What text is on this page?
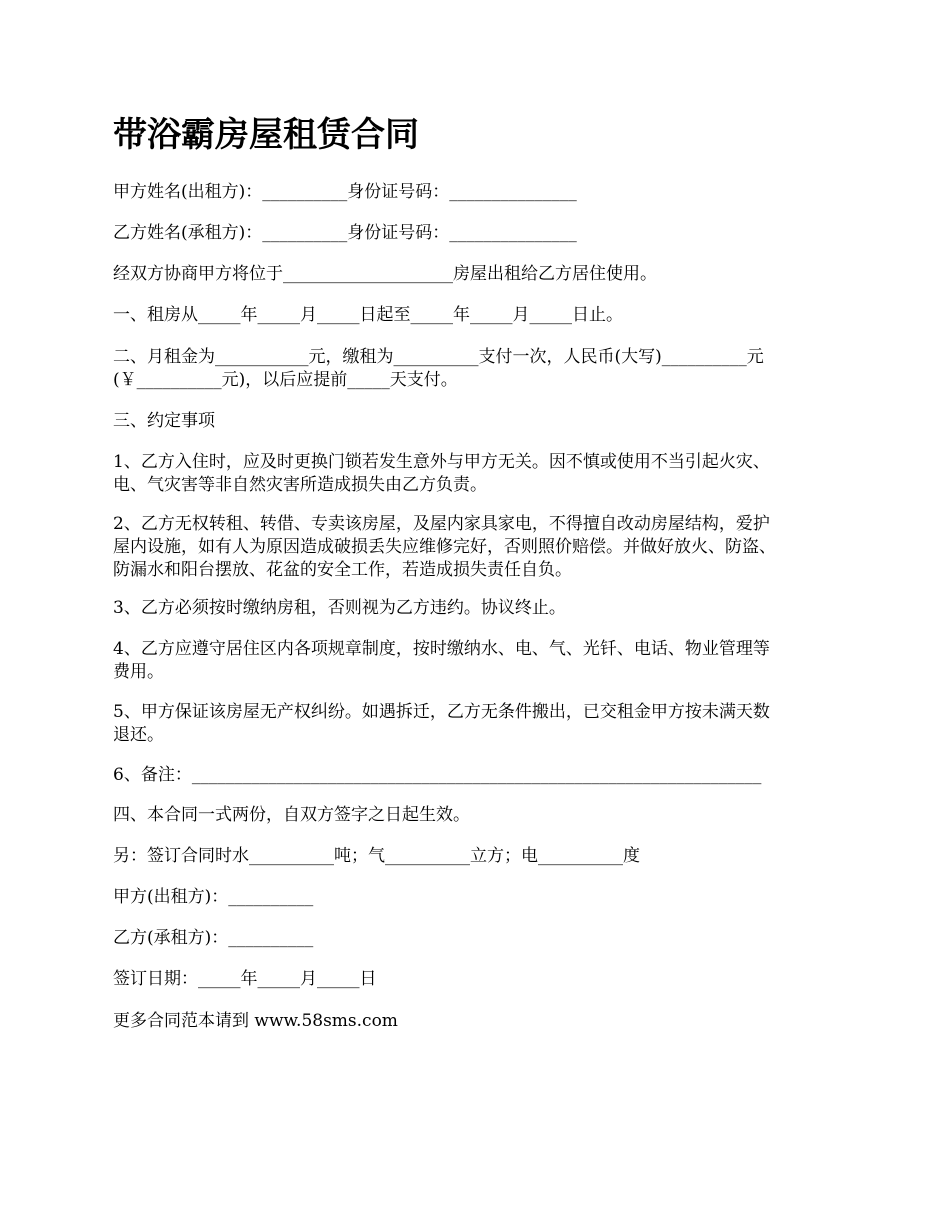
带浴霸房屋租赁合同

甲方姓名(出租方)：__________身份证号码：_______________

乙方姓名(承租方)：__________身份证号码：_______________

经双方协商甲方将位于____________________房屋出租给乙方居住使用。

一、租房从_____年_____月_____日起至_____年_____月_____日止。

二、月租金为___________元，缴租为__________支付一次，人民币(大写)__________元

(￥__________元)，以后应提前_____天支付。

三、约定事项

1、乙方入住时，应及时更换门锁若发生意外与甲方无关。因不慎或使用不当引起火灾、

电、气灾害等非自然灾害所造成损失由乙方负责。

2、乙方无权转租、转借、专卖该房屋，及屋内家具家电，不得擅自改动房屋结构，爱护

屋内设施，如有人为原因造成破损丢失应维修完好，否则照价赔偿。并做好放火、防盗、

防漏水和阳台摆放、花盆的安全工作，若造成损失责任自负。

3、乙方必须按时缴纳房租，否则视为乙方违约。协议终止。

4、乙方应遵守居住区内各项规章制度，按时缴纳水、电、气、光钎、电话、物业管理等

费用。

5、甲方保证该房屋无产权纠纷。如遇拆迁，乙方无条件搬出，已交租金甲方按未满天数

退还。

6、备注：___________________________________________________________________

四、本合同一式两份，自双方签字之日起生效。

另：签订合同时水__________吨；气__________立方；电__________度

甲方(出租方)：__________

乙方(承租方)：__________

签订日期：_____年_____月_____日

更多合同范本请到 www.58sms.com
